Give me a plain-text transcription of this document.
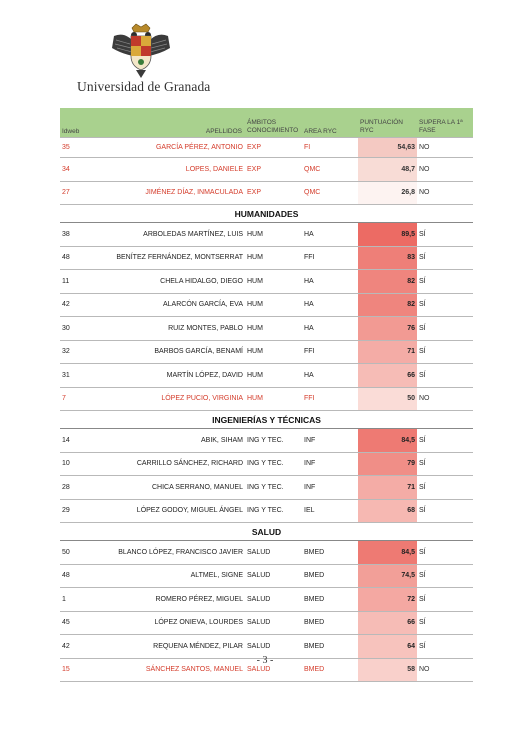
Universidad de Granada
Idweb	APELLIDOS	ÁMBITOS CONOCIMIENTO	AREA RYC	PUNTUACIÓN RYC	SUPERA LA 1ª FASE
35	GARCÍA PÉREZ, ANTONIO	EXP	FI	54,63	NO
34	LOPES, DANIELE	EXP	QMC	48,7	NO
27	JIMÉNEZ DÍAZ, INMACULADA	EXP	QMC	26,8	NO
HUMANIDADES					
38	ARBOLEDAS MARTÍNEZ, LUIS	HUM	HA	89,5	SÍ
48	BENÍTEZ FERNÁNDEZ, MONTSERRAT	HUM	FFI	83	SÍ
11	CHELA HIDALGO, DIEGO	HUM	HA	82	SÍ
42	ALARCÓN GARCÍA, EVA	HUM	HA	82	SÍ
30	RUIZ MONTES, PABLO	HUM	HA	76	SÍ
32	BARBOS GARCÍA, BENAMÍ	HUM	FFI	71	SÍ
31	MARTÍN LÓPEZ, DAVID	HUM	HA	66	SÍ
7	LÓPEZ PUCIO, VIRGINIA	HUM	FFI	50	NO
INGENIERÍAS Y TÉCNICAS					
14	ABIK, SIHAM	ING Y TEC.	INF	84,5	SÍ
10	CARRILLO SÁNCHEZ, RICHARD	ING Y TEC.	INF	79	SÍ
28	CHICA SERRANO, MANUEL	ING Y TEC.	INF	71	SÍ
29	LÓPEZ GODOY, MIGUEL ÁNGEL	ING Y TEC.	IEL	68	SÍ
SALUD					
50	BLANCO LÓPEZ, FRANCISCO JAVIER	SALUD	BMED	84,5	SÍ
48	ALTMEL, SIGNE	SALUD	BMED	74,5	SÍ
1	ROMERO PÉREZ, MIGUEL	SALUD	BMED	72	SÍ
45	LÓPEZ ONIEVA, LOURDES	SALUD	BMED	66	SÍ
42	REQUENA MÉNDEZ, PILAR	SALUD	BMED	64	SÍ
15	SÁNCHEZ SANTOS, MANUEL	SALUD	BMED	58	NO
- 3 -
